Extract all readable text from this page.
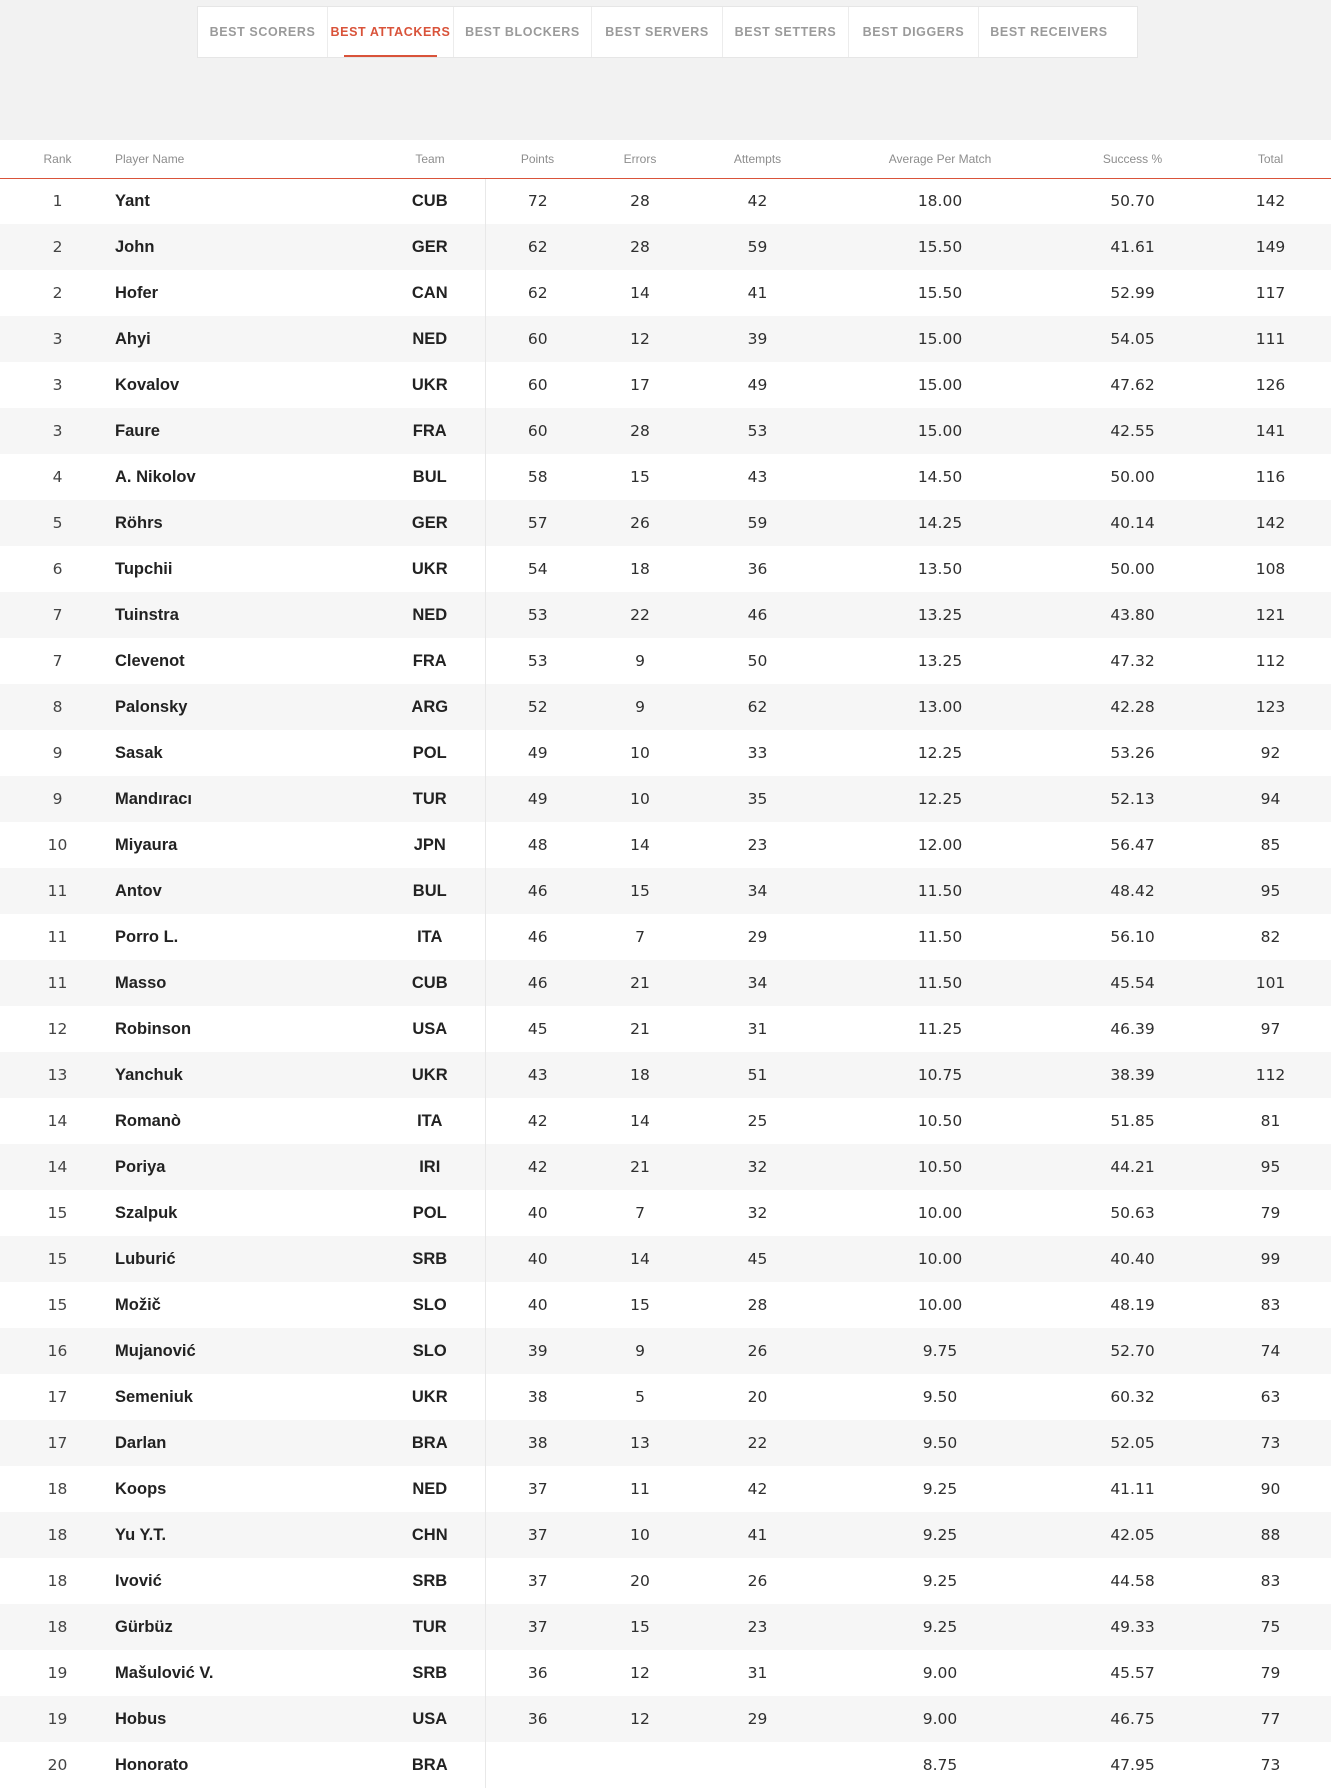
BEST SCORERS	BEST ATTACKERS	BEST BLOCKERS	BEST SERVERS	BEST SETTERS	BEST DIGGERS	BEST RECEIVERS
Rank	Player Name	Team	Points	Errors	Attempts	Average Per Match	Success %	Total
1	Yant	CUB	72	28	42	18.00	50.70	142
2	John	GER	62	28	59	15.50	41.61	149
2	Hofer	CAN	62	14	41	15.50	52.99	117
3	Ahyi	NED	60	12	39	15.00	54.05	111
3	Kovalov	UKR	60	17	49	15.00	47.62	126
3	Faure	FRA	60	28	53	15.00	42.55	141
4	A. Nikolov	BUL	58	15	43	14.50	50.00	116
5	Röhrs	GER	57	26	59	14.25	40.14	142
6	Tupchii	UKR	54	18	36	13.50	50.00	108
7	Tuinstra	NED	53	22	46	13.25	43.80	121
7	Clevenot	FRA	53	9	50	13.25	47.32	112
8	Palonsky	ARG	52	9	62	13.00	42.28	123
9	Sasak	POL	49	10	33	12.25	53.26	92
9	Mandıracı	TUR	49	10	35	12.25	52.13	94
10	Miyaura	JPN	48	14	23	12.00	56.47	85
11	Antov	BUL	46	15	34	11.50	48.42	95
11	Porro L.	ITA	46	7	29	11.50	56.10	82
11	Masso	CUB	46	21	34	11.50	45.54	101
12	Robinson	USA	45	21	31	11.25	46.39	97
13	Yanchuk	UKR	43	18	51	10.75	38.39	112
14	Romanò	ITA	42	14	25	10.50	51.85	81
14	Poriya	IRI	42	21	32	10.50	44.21	95
15	Szalpuk	POL	40	7	32	10.00	50.63	79
15	Luburić	SRB	40	14	45	10.00	40.40	99
15	Možič	SLO	40	15	28	10.00	48.19	83
16	Mujanović	SLO	39	9	26	9.75	52.70	74
17	Semeniuk	UKR	38	5	20	9.50	60.32	63
17	Darlan	BRA	38	13	22	9.50	52.05	73
18	Koops	NED	37	11	42	9.25	41.11	90
18	Yu Y.T.	CHN	37	10	41	9.25	42.05	88
18	Ivović	SRB	37	20	26	9.25	44.58	83
18	Gürbüz	TUR	37	15	23	9.25	49.33	75
19	Mašulović V.	SRB	36	12	31	9.00	45.57	79
19	Hobus	USA	36	12	29	9.00	46.75	77
20	Honorato	BRA				8.75	47.95	73
